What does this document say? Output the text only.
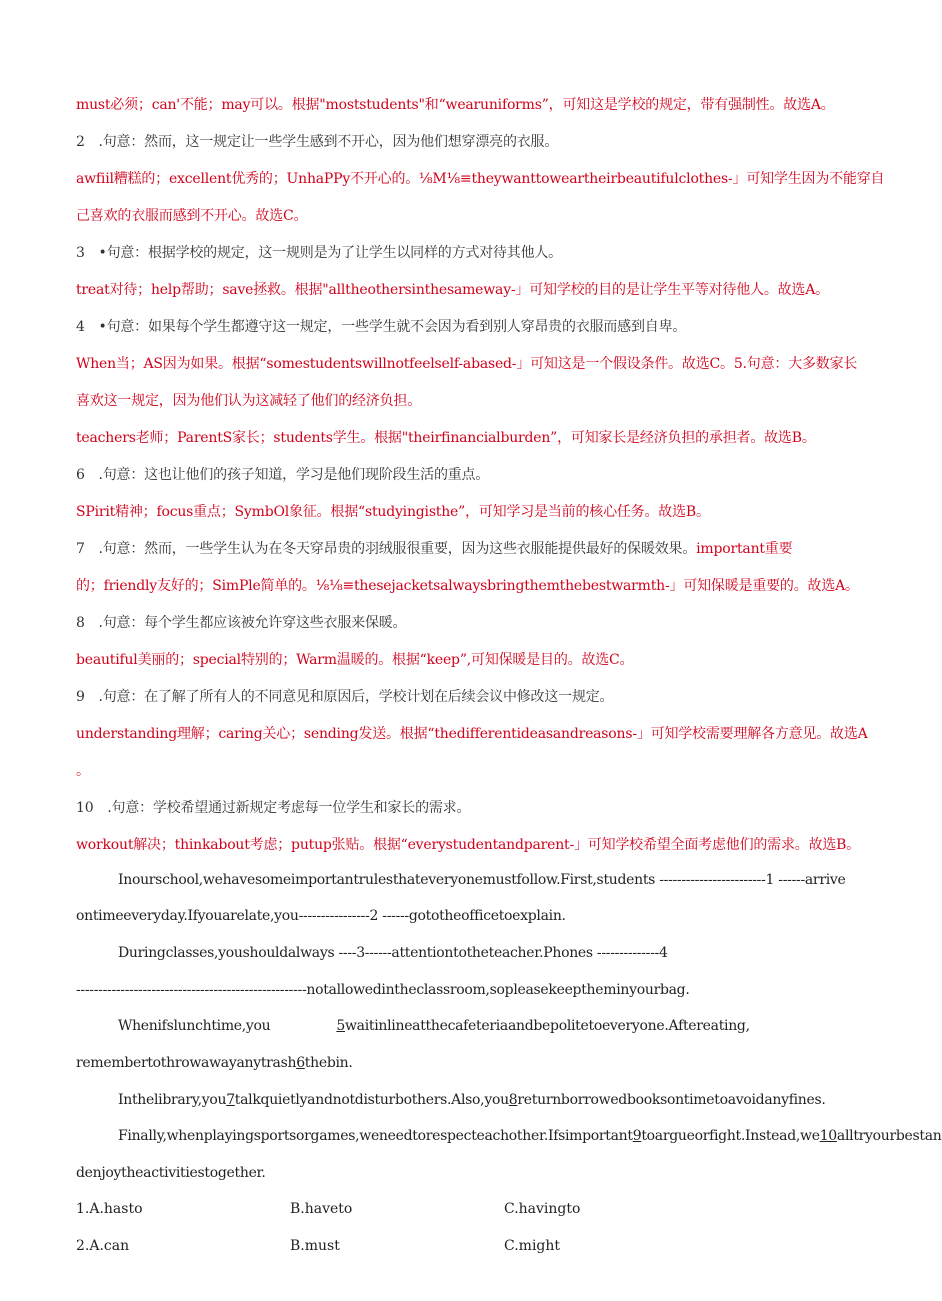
must必须；can'不能；may可以。根据"moststudents"和“wearuniforms”，可知这是学校的规定，带有强制性。故选A。
2　.句意：然而，这一规定让一些学生感到不开心，因为他们想穿漂亮的衣服。
awfiil糟糕的；excellent优秀的；UnhaPPy不开心的。⅛M⅛≡theywanttoweartheirbeautifulclothes-」可知学生因为不能穿自
己喜欢的衣服而感到不开心。故选C。
3　•句意：根据学校的规定，这一规则是为了让学生以同样的方式对待其他人。
treat对待；help帮助；save拯救。根据"alltheothersinthesameway-」可知学校的目的是让学生平等对待他人。故选A。
4　•句意：如果每个学生都遵守这一规定，一些学生就不会因为看到别人穿昂贵的衣服而感到自卑。
When当；AS因为如果。根据“somestudentswillnotfeelself-abased-」可知这是一个假设条件。故选C。5.句意：大多数家长
喜欢这一规定，因为他们认为这减轻了他们的经济负担。
teachers老师；ParentS家长；students学生。根据"theirfinancialburden”，可知家长是经济负担的承担者。故选B。
6　.句意：这也让他们的孩子知道，学习是他们现阶段生活的重点。
SPirit精神；focus重点；SymbOl象征。根据“studyingisthe”，可知学习是当前的核心任务。故选B。
7　.句意：然而，一些学生认为在冬天穿昂贵的羽绒服很重要，因为这些衣服能提供最好的保暖效果。important重要
的；friendly友好的；SimPle简单的。⅛⅛≡thesejacketsalwaysbringthemthebestwarmth-」可知保暖是重要的。故选A。
8　.句意：每个学生都应该被允许穿这些衣服来保暖。
beautiful美丽的；special特别的；Warm温暖的。根据“keep”,可知保暖是目的。故选C。
9　.句意：在了解了所有人的不同意见和原因后，学校计划在后续会议中修改这一规定。
understanding理解；caring关心；sending发送。根据“thedifferentideasandreasons-」可知学校需要理解各方意见。故选A
。
10　.句意：学校希望通过新规定考虑每一位学生和家长的需求。
workout解决；thinkabout考虑；putup张贴。根据“everystudentandparent-」可知学校希望全面考虑他们的需求。故选B。
Inourschool,wehavesomeimportantrulesthateveryonemustfollow.First,students ------------------------1 ------arrive
ontimeeveryday.Ifyouarelate,you----------------2 ------gototheofficetoexplain.
Duringclasses,youshouldalways ----3------attentiontotheteacher.Phones --------------4
----------------------------------------------------notallowedintheclassroom,sopleasekeeptheminyourbag.
Whenifslunchtime,you	5waitinlineatthecafeteriaandbepolitetoeveryone.Aftereating,
remembertothrowawayanytrash6thebin.
Inthelibrary,you7talkquietlyandnotdisturbothers.Also,you8returnborrowedbooksontimetoavoidanyfines.
Finally,whenplayingsportsorgames,weneedtorespecteachother.Ifsimportant9toargueorfight.Instead,we10alltryourbestan
denjoytheactivitiestogether.
1.A.hasto	B.haveto	C.havingto
2.A.can	B.must	C.might
